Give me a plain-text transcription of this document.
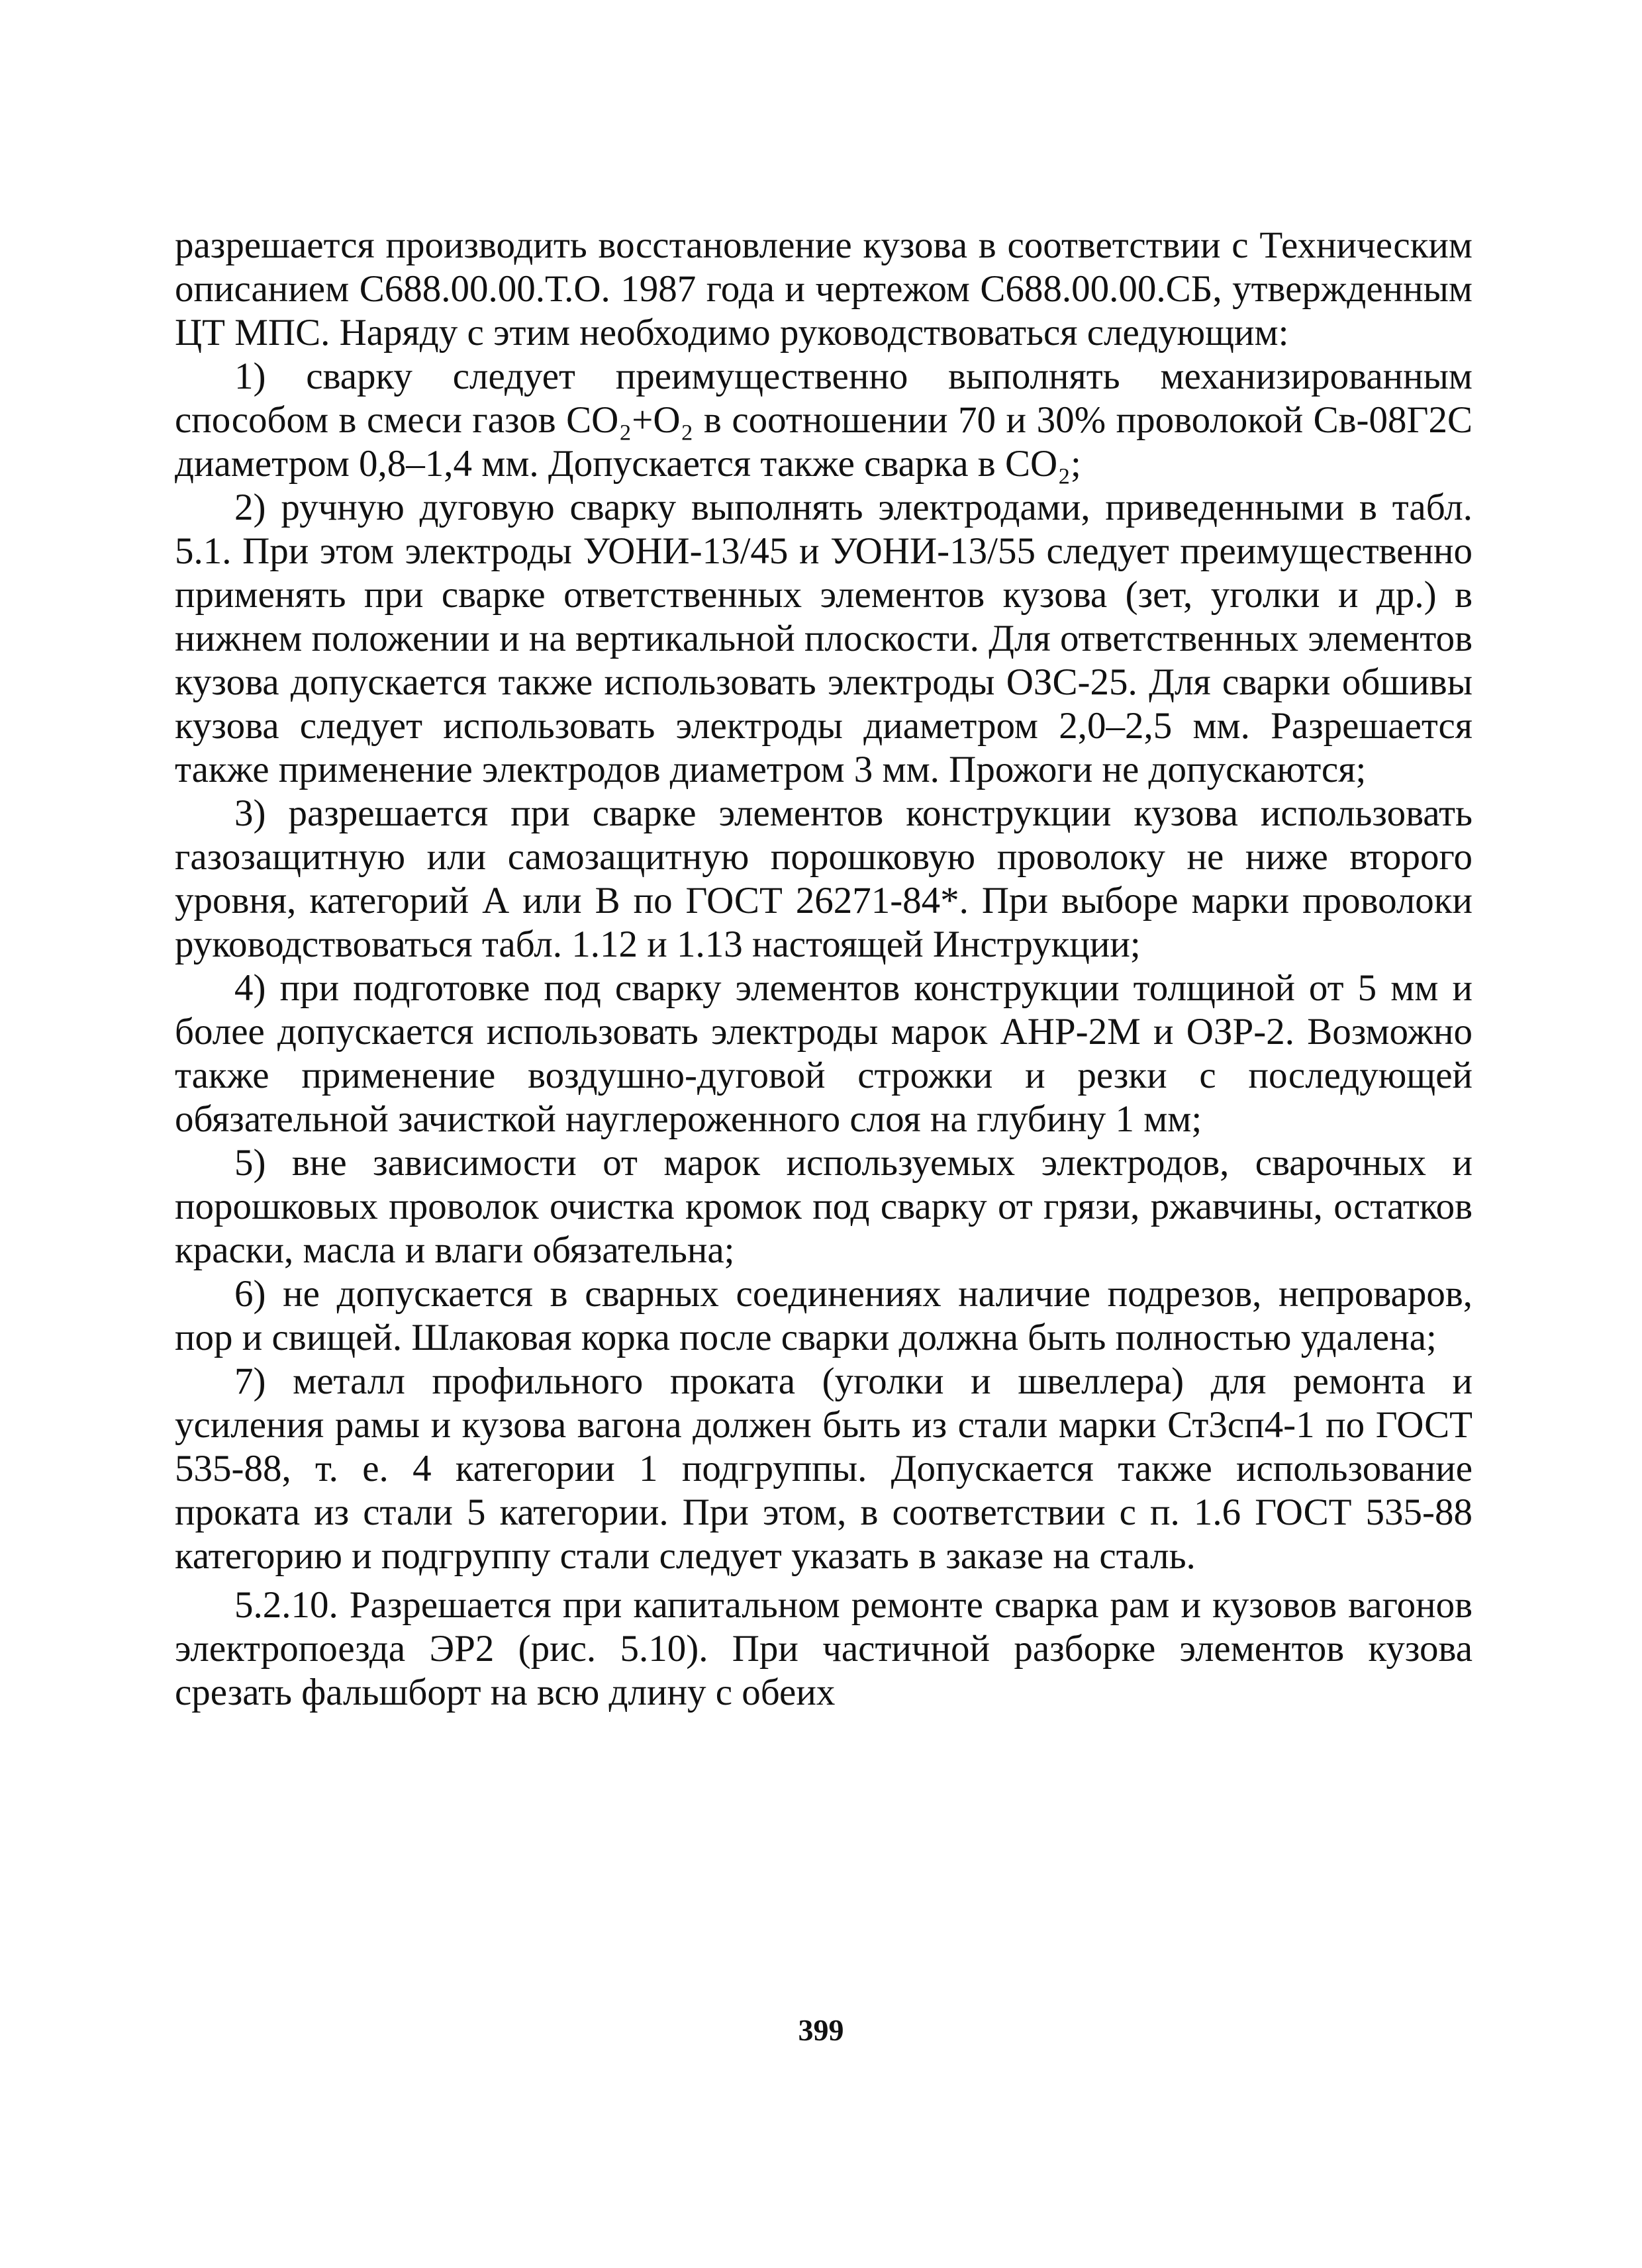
разрешается производить восстановление кузова в соответствии с Техническим описанием С688.00.00.Т.О. 1987 года и чертежом С688.00.00.СБ, утвержденным ЦТ МПС. Наряду с этим необходимо руководствоваться следующим:

1) сварку следует преимущественно выполнять механизированным способом в смеси газов CO₂+O₂ в соотношении 70 и 30% проволокой Св-08Г2С диаметром 0,8–1,4 мм. Допускается также сварка в CO₂;

2) ручную дуговую сварку выполнять электродами, приведенными в табл. 5.1. При этом электроды УОНИ-13/45 и УОНИ-13/55 следует преимущественно применять при сварке ответственных элементов кузова (зет, уголки и др.) в нижнем положении и на вертикальной плоскости. Для ответственных элементов кузова допускается также использовать электроды ОЗС-25. Для сварки обшивы кузова следует использовать электроды диаметром 2,0–2,5 мм. Разрешается также применение электродов диаметром 3 мм. Прожоги не допускаются;

3) разрешается при сварке элементов конструкции кузова использовать газозащитную или самозащитную порошковую проволоку не ниже второго уровня, категорий А или В по ГОСТ 26271-84*. При выборе марки проволоки руководствоваться табл. 1.12 и 1.13 настоящей Инструкции;

4) при подготовке под сварку элементов конструкции толщиной от 5 мм и более допускается использовать электроды марок АНР-2М и ОЗР-2. Возможно также применение воздушно-дуговой строжки и резки с последующей обязательной зачисткой науглероженного слоя на глубину 1 мм;

5) вне зависимости от марок используемых электродов, сварочных и порошковых проволок очистка кромок под сварку от грязи, ржавчины, остатков краски, масла и влаги обязательна;

6) не допускается в сварных соединениях наличие подрезов, непроваров, пор и свищей. Шлаковая корка после сварки должна быть полностью удалена;

7) металл профильного проката (уголки и швеллера) для ремонта и усиления рамы и кузова вагона должен быть из стали марки Ст3сп4-1 по ГОСТ 535-88, т. е. 4 категории 1 подгруппы. Допускается также использование проката из стали 5 категории. При этом, в соответствии с п. 1.6 ГОСТ 535-88 категорию и подгруппу стали следует указать в заказе на сталь.

5.2.10. Разрешается при капитальном ремонте сварка рам и кузовов вагонов электропоезда ЭР2 (рис. 5.10). При частичной разборке элементов кузова срезать фальшборт на всю длину с обеих

399
